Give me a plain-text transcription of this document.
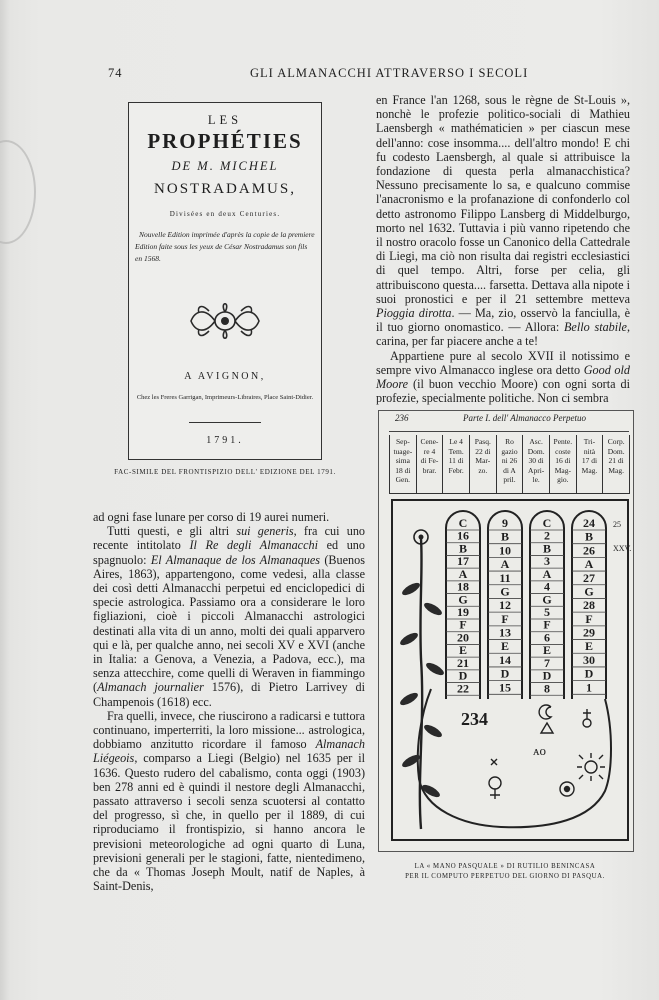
74	GLI ALMANACCHI ATTRAVERSO I SECOLI
LES
PROPHÉTIES
DE M. MICHEL
NOSTRADAMUS,
Divisées en deux Centuries.
Nouvelle Edition imprimée d'après la copie de la premiere Edition faite sous les yeux de César Nostradamus son fils en 1568.
A AVIGNON,
Chez les Freres Garrigan, Imprimeurs-Libraires, Place Saint-Didier.
1791.
FAC-SIMILE DEL FRONTISPIZIO DELL' EDIZIONE DEL 1791.

en France l'an 1268, sous le règne de St-Louis », nonchè le profezie politico-sociali di Mathieu Laensbergh « mathématicien » per ciascun mese dell'anno: cose insomma.... dell'altro mondo! E chi fu codesto Laensbergh, al quale si attribuisce la fondazione di questa perla almanacchistica? Nessuno precisamente lo sa, e qualcuno commise l'anacronismo e la profanazione di confonderlo col detto astronomo Filippo Lansberg di Middelburgo, morto nel 1632. Tuttavia i più vanno ripetendo che il nostro oracolo fosse un Canonico della Cattedrale di Liegi, ma ciò non risulta dai registri ecclesiastici di quel tempo. Altri, forse per celia, gli attribuiscono questa.... farsetta. Dettava alla nipote i suoi pronostici e per il 21 settembre metteva Pioggia dirotta. — Ma, zio, osservò la fanciulla, è il tuo giorno onomastico. — Allora: Bello stabile, carina, per far piacere anche a te!

Appartiene pure al secolo XVII il notissimo e sempre vivo Almanacco inglese ora detto Good old Moore (il buon vecchio Moore) con ogni sorta di profezie, specialmente politiche. Non ci sembra

ad ogni fase lunare per corso di 19 aurei numeri.

Tutti questi, e gli altri sui generis, fra cui uno recente intitolato Il Re degli Almanacchi ed uno spagnuolo: El Almanaque de los Almanaques (Buenos Aires, 1863), appartengono, come vedesi, alla classe dei così detti Almanacchi perpetui ed enciclopedici di specie astrologica. Passiamo ora a considerare le loro figliazioni, cioè i piccoli Almanacchi astrologici destinati alla vita di un anno, molti dei quali apparvero qui e là, per qualche anno, nei secoli XV e XVI (anche in Italia: a Genova, a Venezia, a Padova, ecc.), ma senza attecchire, come quelli di Weraven in fiammingo (Almanach journalier 1576), di Pietro Larrivey di Champenois (1618) ecc.

Fra quelli, invece, che riuscirono a radicarsi e tuttora continuano, imperterriti, la loro missione... astrologica, dobbiamo anzitutto ricordare il famoso Almanach Liégeois, comparso a Liegi (Belgio) nel 1635 per il 1636. Questo rudero del cabalismo, conta oggi (1903) ben 278 anni ed è quindi il nestore degli Almanacchi, passato attraverso i secoli senza scuotersi al contatto del progresso, sì che, in quello per il 1889, di cui riproduciamo il frontispizio, si hanno ancora le previsioni meteorologiche ad ogni quarto di Luna, previsioni generali per le stagioni, fatte, nientedimeno, che da « Thomas Joseph Moult, natif de Naples, à Saint-Denis,

236	Parte I. dell' Almanacco Perpetuo
Sep-
tuage-
sima
18 di
Gen.
Cene-
re 4
di Fe-
brar.
Le 4
Tem.
11 di
Febr.
Pasq.
22 di
Mar-
zo.
Ro
gazio
ni 26
di A
pril.
Asc.
Dom.
30 di
Apri-
le.
Pente.
coste
16 di
Mag-
gio.
Tri-
nità
17 di
Mag.
Corp.
Dom.
21 di
Mag.
ᴀᴏ
C
16
B
17
A
18
G
19
F
20
E
21
D
22
9
B
10
A
11
G
12
F
13
E
14
D
15
C
2
B
3
A
4
G
5
F
6
E
7
D
8
24
B
26
A
27
G
28
F
29
E
30
D
1
25
XXV.
234
LA « MANO PASQUALE » DI RUTILIO BENINCASA
PER IL COMPUTO PERPETUO DEL GIORNO DI PASQUA.
